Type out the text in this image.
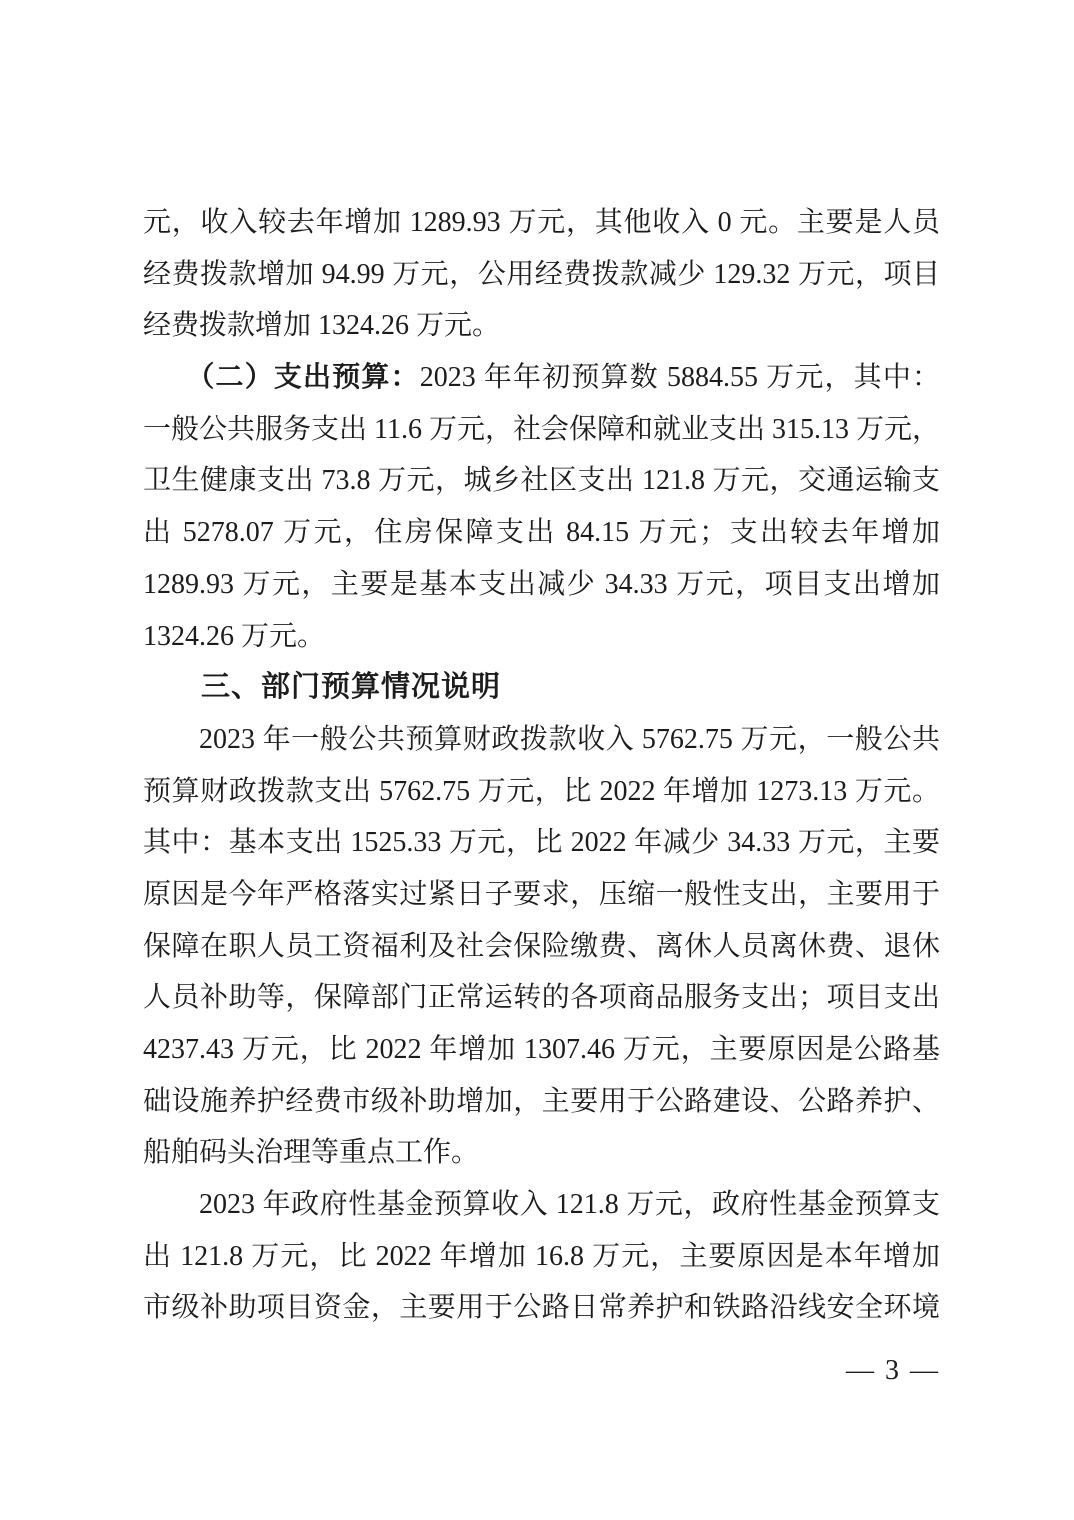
元，收入较去年增加 1289.93 万元，其他收入 0 元。主要是人员
经费拨款增加 94.99 万元，公用经费拨款减少 129.32 万元，项目
经费拨款增加 1324.26 万元。
（二）支出预算：2023 年年初预算数 5884.55 万元，其中：
一般公共服务支出 11.6 万元，社会保障和就业支出 315.13 万元，
卫生健康支出 73.8 万元，城乡社区支出 121.8 万元，交通运输支
出 5278.07 万元，住房保障支出 84.15 万元；支出较去年增加
1289.93 万元，主要是基本支出减少 34.33 万元，项目支出增加
1324.26 万元。
三、部门预算情况说明
2023 年一般公共预算财政拨款收入 5762.75 万元，一般公共
预算财政拨款支出 5762.75 万元，比 2022 年增加 1273.13 万元。
其中：基本支出 1525.33 万元，比 2022 年减少 34.33 万元，主要
原因是今年严格落实过紧日子要求，压缩一般性支出，主要用于
保障在职人员工资福利及社会保险缴费、离休人员离休费、退休
人员补助等，保障部门正常运转的各项商品服务支出；项目支出
4237.43 万元，比 2022 年增加 1307.46 万元，主要原因是公路基
础设施养护经费市级补助增加，主要用于公路建设、公路养护、
船舶码头治理等重点工作。
2023 年政府性基金预算收入 121.8 万元，政府性基金预算支
出 121.8 万元，比 2022 年增加 16.8 万元，主要原因是本年增加
市级补助项目资金，主要用于公路日常养护和铁路沿线安全环境
— 3 —
